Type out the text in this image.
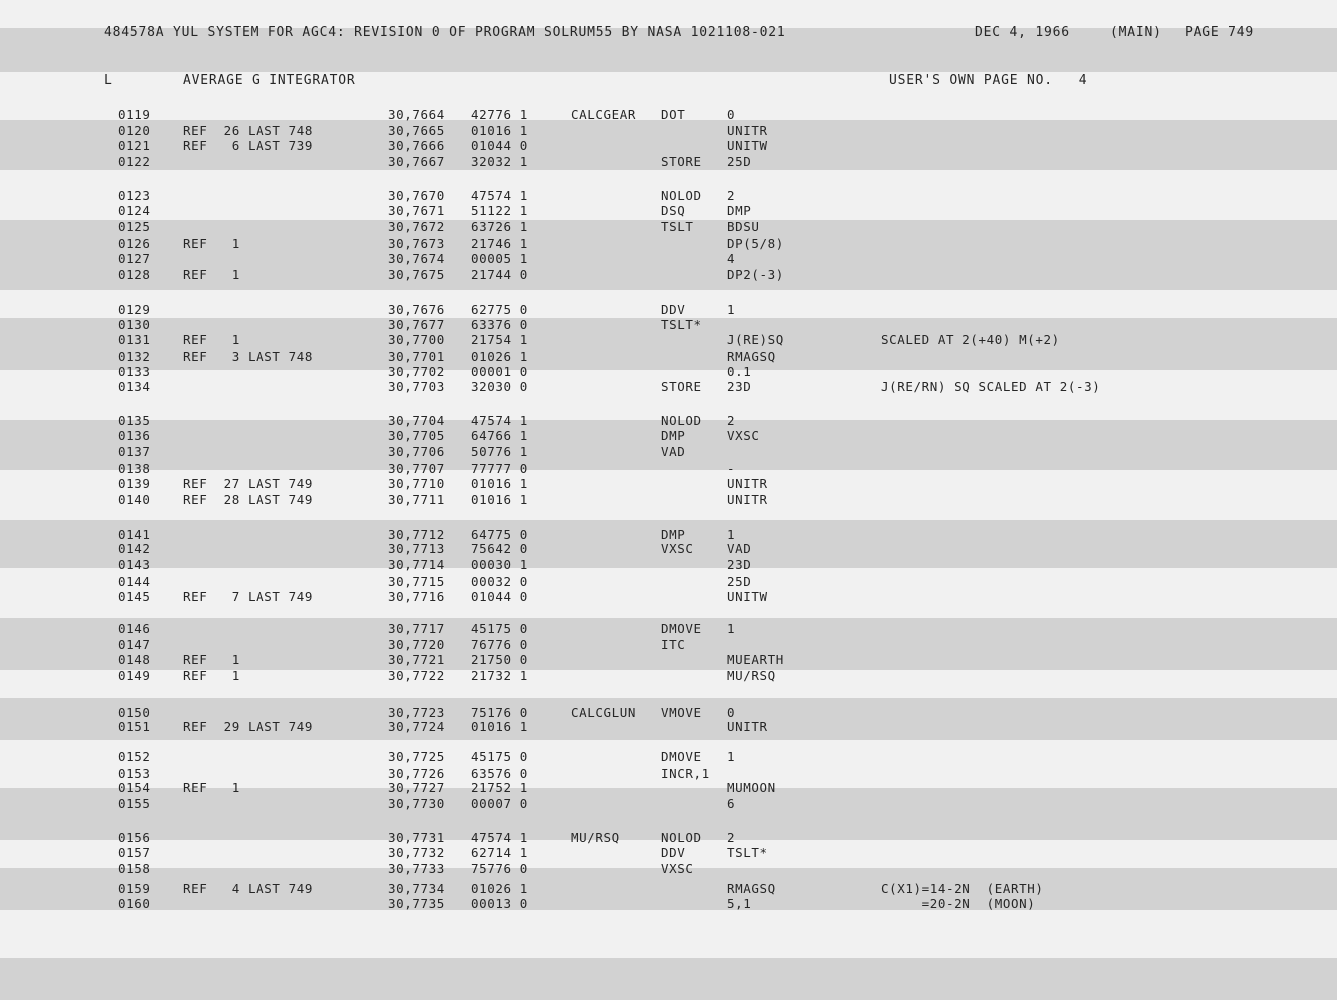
484578A YUL SYSTEM FOR AGC4: REVISION 0 OF PROGRAM SOLRUM55 BY NASA 1021108-021	DEC 4, 1966	(MAIN) PAGE 749
L	AVERAGE G INTEGRATOR	USER'S OWN PAGE NO.   4
0119	30,7664 42776 1	CALCGEAR DOT	0
0120	REF  26 LAST 748	30,7665 01016 1	UNITR
0121	REF   6 LAST 739	30,7666 01044 0	UNITW
0122	30,7667 32032 1	STORE 25D
0123	30,7670 47574 1	NOLOD 2
0124	30,7671 51122 1	DSQ	DMP
0125	30,7672 63726 1	TSLT	BDSU
0126	REF   1	30,7673 21746 1	DP(5/8)
0127	30,7674 00005 1	4
0128	REF   1	30,7675 21744 0	DP2(-3)
0129	30,7676 62775 0	DDV	1
0130	30,7677 63376 0	TSLT*
0131	REF   1	30,7700 21754 1	J(RE)SQ	SCALED AT 2(+40) M(+2)
0132	REF   3 LAST 748	30,7701 01026 1	RMAGSQ
0133	30,7702 00001 0	0.1
0134	30,7703 32030 0	STORE 23D	J(RE/RN) SQ SCALED AT 2(-3)
0135	30,7704 47574 1	NOLOD 2
0136	30,7705 64766 1	DMP	VXSC
0137	30,7706 50776 1	VAD
0138	30,7707 77777 0	-
0139	REF  27 LAST 749	30,7710 01016 1	UNITR
0140	REF  28 LAST 749	30,7711 01016 1	UNITR
0141	30,7712 64775 0	DMP	1
0142	30,7713 75642 0	VXSC	VAD
0143	30,7714 00030 1	23D
0144	30,7715 00032 0	25D
0145	REF   7 LAST 749	30,7716 01044 0	UNITW
0146	30,7717 45175 0	DMOVE 1
0147	30,7720 76776 0	ITC
0148	REF   1	30,7721 21750 0	MUEARTH
0149	REF   1	30,7722 21732 1	MU/RSQ
0150	30,7723 75176 0	CALCGLUN VMOVE 0
0151	REF  29 LAST 749	30,7724 01016 1	UNITR
0152	30,7725 45175 0	DMOVE 1
0153	30,7726 63576 0	INCR,1
0154	REF   1	30,7727 21752 1	MUMOON
0155	30,7730 00007 0	6
0156	30,7731 47574 1	MU/RSQ	NOLOD 2
0157	30,7732 62714 1	DDV	TSLT*
0158	30,7733 75776 0	VXSC
0159	REF   4 LAST 749	30,7734 01026 1	RMAGSQ	C(X1)=14-2N  (EARTH)
0160	30,7735 00013 0	5,1	=20-2N  (MOON)
